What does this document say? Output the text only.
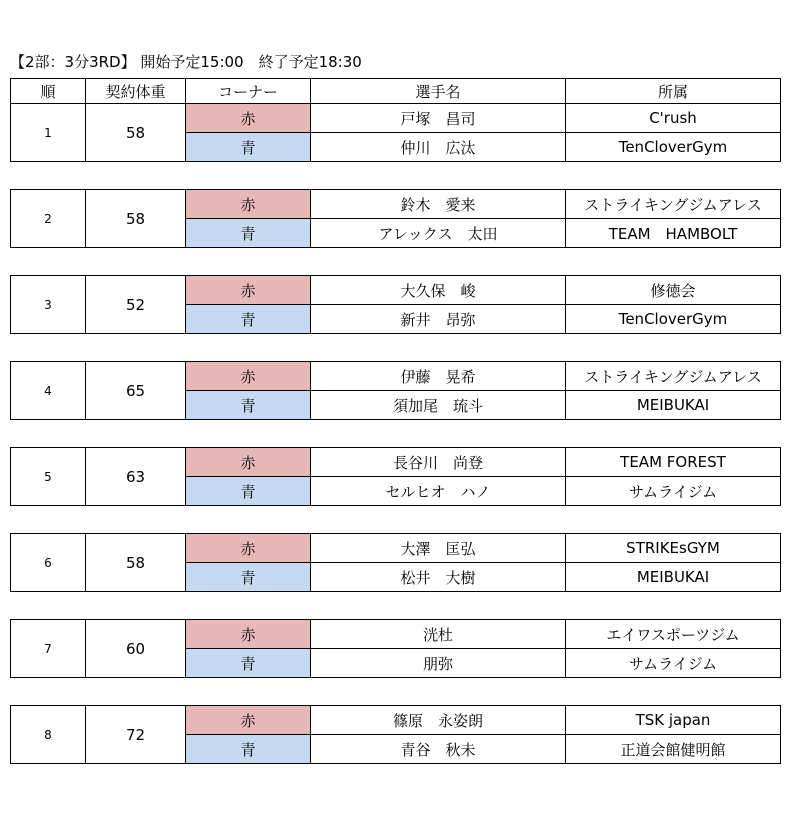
【2部：3分3RD】 開始予定15:00　終了予定18:30
順	契約体重	コーナー	選手名	所属
1	58	赤	戸塚　昌司	C'rush
		青	仲川　広汰	TenCloverGym

2	58	赤	鈴木　愛来	ストライキングジムアレス
		青	アレックス　太田	TEAM　HAMBOLT

3	52	赤	大久保　峻	修徳会
		青	新井　昂弥	TenCloverGym

4	65	赤	伊藤　晃希	ストライキングジムアレス
		青	須加尾　琉斗	MEIBUKAI

5	63	赤	長谷川　尚登	TEAM FOREST
		青	セルヒオ　ハノ	サムライジム

6	58	赤	大澤　匡弘	STRIKEsGYM
		青	松井　大樹	MEIBUKAI

7	60	赤	洸杜	エイワスポーツジム
		青	朋弥	サムライジム

8	72	赤	篠原　永姿朗	TSK japan
		青	青谷　秋未	正道会館健明館
